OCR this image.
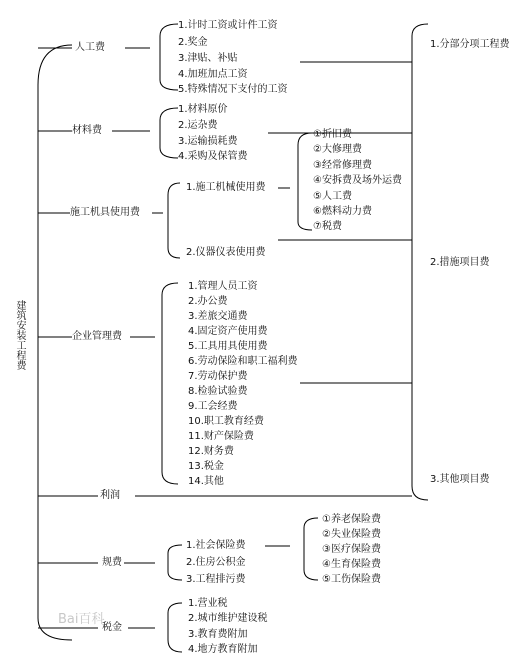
建筑安装工程费
人工费
材料费
施工机具使用费
企业管理费
利润
规费
税金
1.计时工资或计件工资
2.奖金
3.津贴、补贴
4.加班加点工资
5.特殊情况下支付的工资
1.材料原价
2.运杂费
3.运输损耗费
4.采购及保管费
1.施工机械使用费
2.仪器仪表使用费
①折旧费
②大修理费
③经常修理费
④安拆费及场外运费
⑤人工费
⑥燃料动力费
⑦税费
1.管理人员工资
2.办公费
3.差旅交通费
4.固定资产使用费
5.工具用具使用费
6.劳动保险和职工福利费
7.劳动保护费
8.检验试验费
9.工会经费
10.职工教育经费
11.财产保险费
12.财务费
13.税金
14.其他
1.社会保险费
2.住房公积金
3.工程排污费
①养老保险费
②失业保险费
③医疗保险费
④生育保险费
⑤工伤保险费
1.营业税
2.城市维护建设税
3.教育费附加
4.地方教育附加
1.分部分项工程费
2.措施项目费
3.其他项目费
Bai百科
